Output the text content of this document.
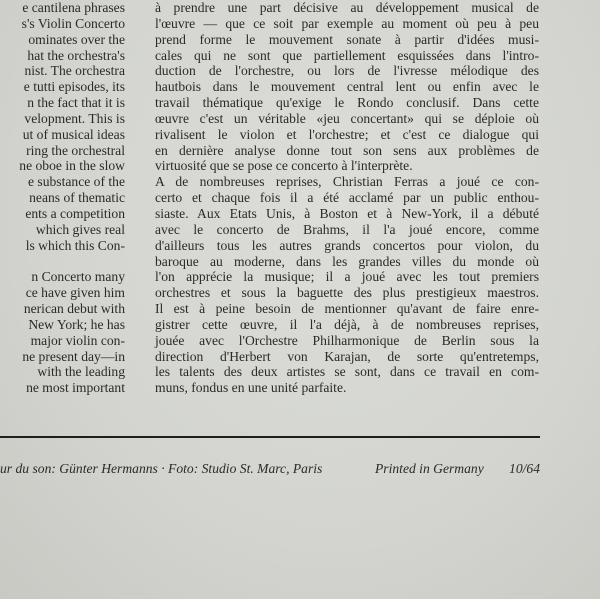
e cantilena phrases
s's Violin Concerto
ominates over the
hat the orchestra's
nist. The orchestra
e tutti episodes, its
n the fact that it is
velopment. This is
ut of musical ideas
ring the orchestral
ne oboe in the slow
e substance of the
neans of thematic
ents a competition
which gives real
ls which this Con-
n Concerto many
ce have given him
nerican debut with
New York; he has
major violin con-
ne present day—in
with the leading
ne most important
à prendre une part décisive au développement musical de
l'œuvre — que ce soit par exemple au moment où peu à peu
prend forme le mouvement sonate à partir d'idées musi-
cales qui ne sont que partiellement esquissées dans l'intro-
duction de l'orchestre, ou lors de l'ivresse mélodique des
hautbois dans le mouvement central lent ou enfin avec le
travail thématique qu'exige le Rondo conclusif. Dans cette
œuvre c'est un véritable «jeu concertant» qui se déploie où
rivalisent le violon et l'orchestre; et c'est ce dialogue qui
en dernière analyse donne tout son sens aux problèmes de
virtuosité que se pose ce concerto à l'interprète.
A de nombreuses reprises, Christian Ferras a joué ce con-
certo et chaque fois il a été acclamé par un public enthou-
siaste. Aux Etats Unis, à Boston et à New-York, il a débuté
avec le concerto de Brahms, il l'a joué encore, comme
d'ailleurs tous les autres grands concertos pour violon, du
baroque au moderne, dans les grandes villes du monde où
l'on apprécie la musique; il a joué avec les tout premiers
orchestres et sous la baguette des plus prestigieux maestros.
Il est à peine besoin de mentionner qu'avant de faire enre-
gistrer cette œuvre, il l'a déjà, à de nombreuses reprises,
jouée avec l'Orchestre Philharmonique de Berlin sous la
direction d'Herbert von Karajan, de sorte qu'entretemps,
les talents des deux artistes se sont, dans ce travail en com-
muns, fondus en une unité parfaite.
ur du son: Günter Hermanns · Foto: Studio St. Marc, Paris	Printed in Germany 10/64
